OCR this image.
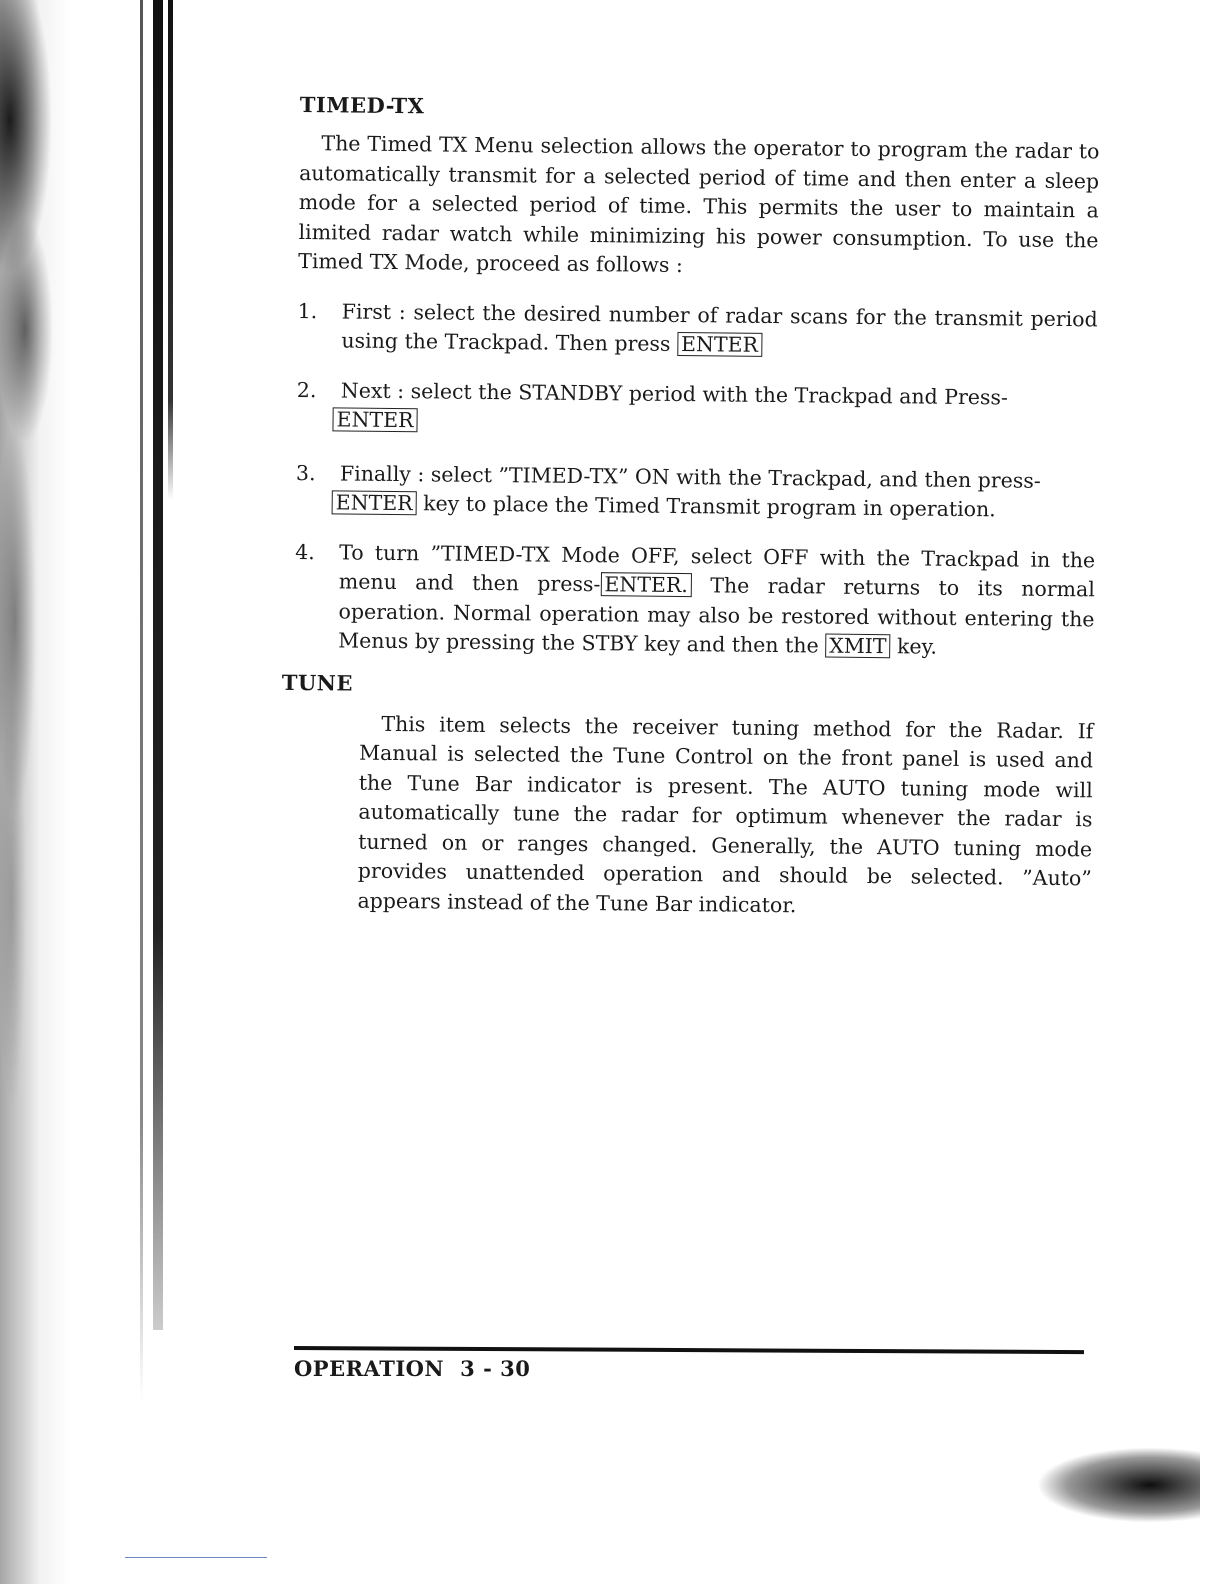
TIMED-TX

The Timed TX Menu selection allows the operator to program the radar to automatically transmit for a selected period of time and then enter a sleep mode for a selected period of time. This permits the user to maintain a limited radar watch while minimizing his power consumption. To use the Timed TX Mode, proceed as follows :

1. First : select the desired number of radar scans for the transmit period using the Trackpad. Then press ENTER
2. Next : select the STANDBY period with the Trackpad and Press-
ENTER
3. Finally : select ”TIMED-TX” ON with the Trackpad, and then press-
ENTER key to place the Timed Transmit program in operation.
4. To turn ”TIMED-TX Mode OFF, select OFF with the Trackpad in the menu and then press- ENTER. The radar returns to its normal operation. Normal operation may also be restored without entering the Menus by pressing the STBY key and then the XMIT key.
TUNE

This item selects the receiver tuning method for the Radar. If Manual is selected the Tune Control on the front panel is used and the Tune Bar indicator is present. The AUTO tuning mode will automatically tune the radar for optimum whenever the radar is turned on or ranges changed. Generally, the AUTO tuning mode provides unattended operation and should be selected. ”Auto” appears instead of the Tune Bar indicator.

OPERATION 3 - 30
